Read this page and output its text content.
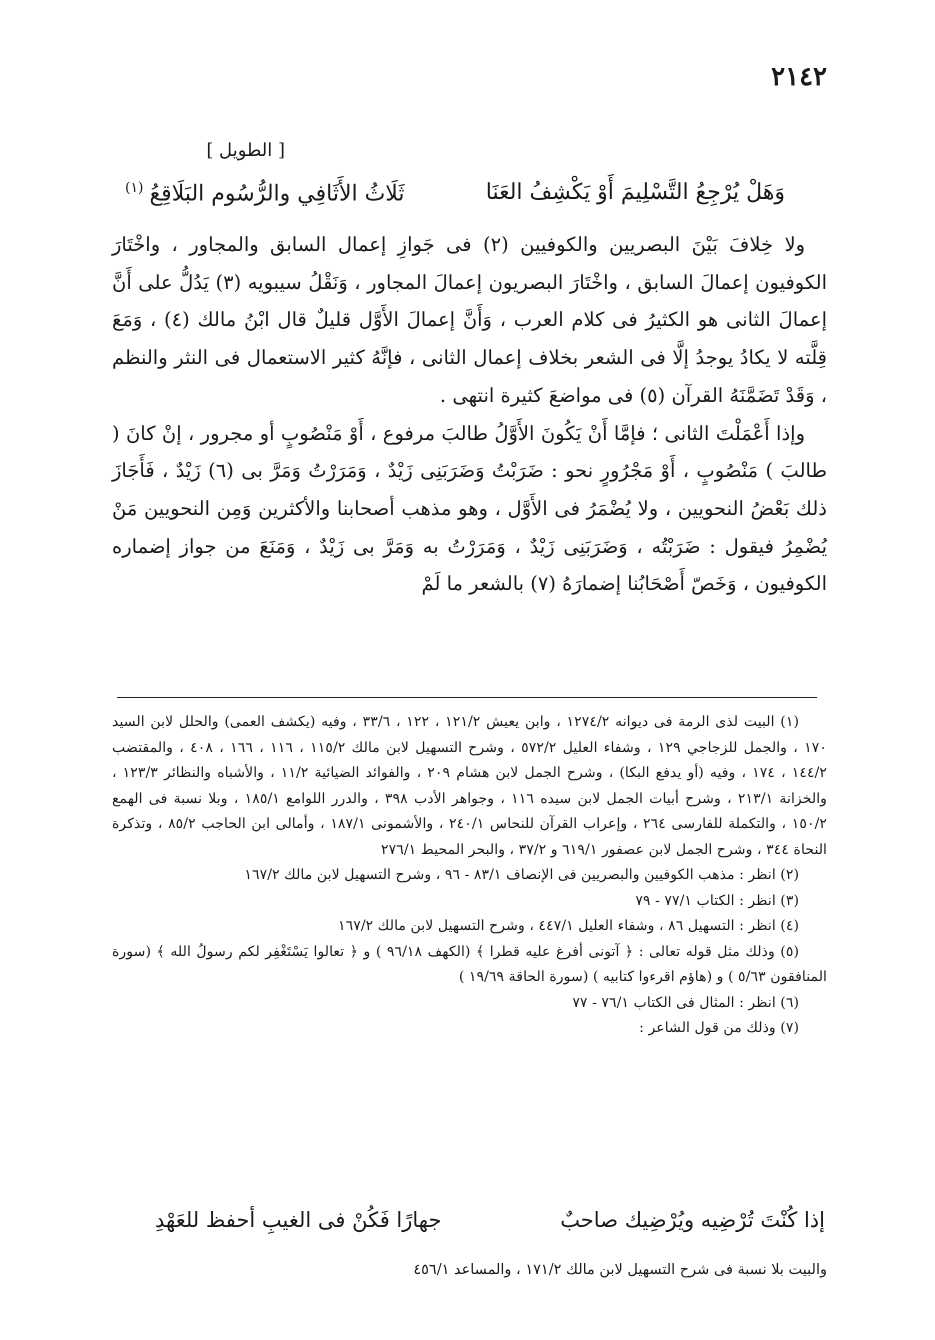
٢١٤٢
[ الطويل ]
وَهَلْ يُرْجِعُ التَّسْلِيمَ أَوْ يَكْشِفُ العَنَا
ثَلَاثُ الأَثَافِي والرُّسُوم البَلَاقِعُ$^{(١)}$

ولا خِلافَ بَيْنَ البصريين والكوفيين (٢) فى جَوازِ إعمال السابق والمجاور ، واخْتَارَ الكوفيون إعمالَ السابق ، واخْتَارَ البصريون إعمالَ المجاور ، وَنَقْلُ سيبويه (٣) يَدُلُّ على أَنَّ إعمالَ الثانى هو الكثيرُ فى كلام العرب ، وَأَنَّ إعمالَ الأَوَّل قليلٌ قال ابْنُ مالك (٤) ، وَمَعَ قِلَّته لا يكادُ يوجدُ إلَّا فى الشعر بخلاف إعمال الثانى ، فإنَّهُ كثير الاستعمال فى النثر والنظم ، وَقَدْ تَضَمَّنَهُ القرآن (٥) فى مواضعَ كثيرة انتهى .

وإذا أَعْمَلْتَ الثانى ؛ فإمَّا أَنْ يَكُونَ الأَوَّلُ طالبَ مرفوع ، أَوْ مَنْصُوبٍ أو مجرور ، إنْ كانَ ( طالبَ ) مَنْصُوبٍ ، أَوْ مَجْرُورٍ نحو : ضَرَبْتُ وَضَرَبَنِى زَيْدٌ ، وَمَرَرْتُ وَمَرَّ بى (٦) زَيْدٌ ، فَأَجَازَ ذلك بَعْضُ النحويين ، ولا يُضْمَرُ فى الأَوَّل ، وهو مذهب أصحابنا والأكثرين وَمِن النحويين مَنْ يُضْمِرُ فيقول : ضَرَبْتُه ، وَضَرَبَنِى زَيْدٌ ، وَمَرَرْتُ به وَمَرَّ بى زَيْدٌ ، وَمَنَعَ من جواز إضماره الكوفيون ، وَخَصّ أَصْحَابُنا إضمارَهُ (٧) بالشعر ما لَمْ

(١) البيت لذى الرمة فى ديوانه ١٢٧٤/٢ ، وابن يعيش ١٢١/٢ ، ١٢٢ ، ٣٣/٦ ، وفيه (يكشف العمى) والحلل لابن السيد ١٧٠ ، والجمل للزجاجي ١٢٩ ، وشفاء العليل ٥٧٢/٢ ، وشرح التسهيل لابن مالك ١١٥/٢ ، ١١٦ ، ١٦٦ ، ٤٠٨ ، والمقتضب ١٤٤/٢ ، ١٧٤ ، وفيه (أو يدفع البكا) ، وشرح الجمل لابن هشام ٢٠٩ ، والفوائد الضيائية ١١/٢ ، والأشباه والنظائر ١٢٣/٣ ، والخزانة ٢١٣/١ ، وشرح أبيات الجمل لابن سيده ١١٦ ، وجواهر الأدب ٣٩٨ ، والدرر اللوامع ١٨٥/١ ، وبلا نسبة فى الهمع ١٥٠/٢ ، والتكملة للفارسى ٢٦٤ ، وإعراب القرآن للنحاس ٢٤٠/١ ، والأشمونى ١٨٧/١ ، وأمالى ابن الحاجب ٨٥/٢ ، وتذكرة النحاة ٣٤٤ ، وشرح الجمل لابن عصفور ٦١٩/١ و ٣٧/٢ ، والبحر المحيط ٢٧٦/١

(٢) انظر : مذهب الكوفيين والبصريين فى الإنصاف ٨٣/١ - ٩٦ ، وشرح التسهيل لابن مالك ١٦٧/٢

(٣) انظر : الكتاب ٧٧/١ - ٧٩

(٤) انظر : التسهيل ٨٦ ، وشفاء العليل ٤٤٧/١ ، وشرح التسهيل لابن مالك ١٦٧/٢

(٥) وذلك مثل قوله تعالى : ﴿ آتونى أفرغ عليه قطرا ﴾ (الكهف ٩٦/١٨ ) و ﴿ تعالوا يَسْتَغْفِر لكم رسولُ الله ﴾ (سورة المنافقون ٥/٦٣ ) و (هاؤم اقرءوا كتابيه ) (سورة الحاقة ١٩/٦٩ )

(٦) انظر : المثال فى الكتاب ٧٦/١ - ٧٧

(٧) وذلك من قول الشاعر :

إذا كُنْتَ تُرْضِيه ويُرْضِيك صاحبٌ
جهارًا فَكُنْ فى الغيبِ أحفظ للعَهْدِ
والبيت بلا نسبة فى شرح التسهيل لابن مالك ١٧١/٢ ، والمساعد ٤٥٦/١
